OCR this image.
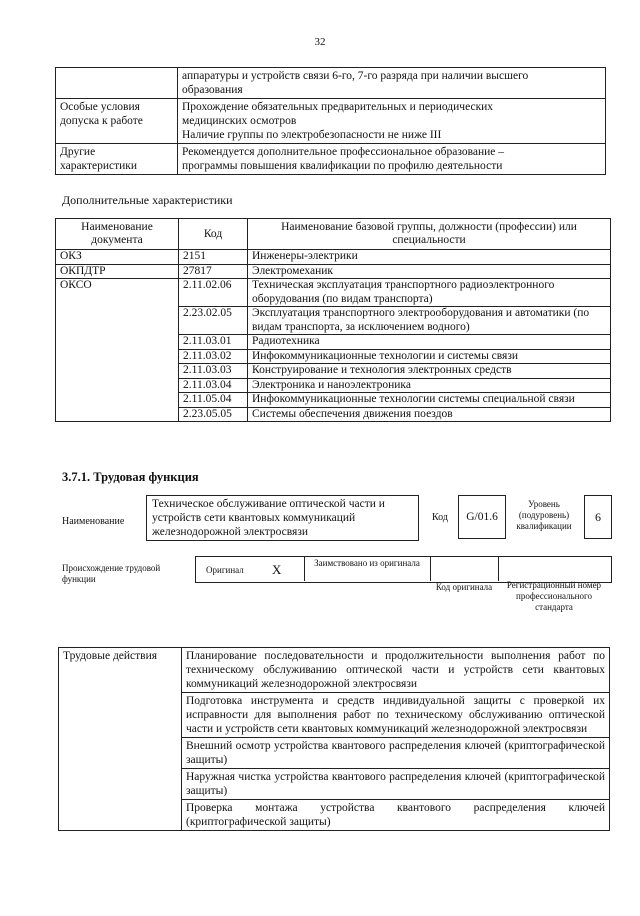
32

	аппаратуры и устройств связи 6-го, 7-го разряда при наличии высшего
образования

Особые условия допуска к работе	Прохождение обязательных предварительных и периодических
медицинских осмотров
Наличие группы по электробезопасности не ниже III

Другие характеристики	Рекомендуется дополнительное профессиональное образование –
программы повышения квалификации по профилю деятельности
Дополнительные характеристики
Наименование документа	Код	Наименование базовой группы, должности (профессии) или специальности
ОКЗ	2151	Инженеры-электрики
ОКПДТР	27817	Электромеханик
ОКСО	2.11.02.06	Техническая эксплуатация транспортного радиоэлектронного оборудования (по видам транспорта)
	2.23.02.05	Эксплуатация транспортного электрооборудования и автоматики (по видам транспорта, за исключением водного)
	2.11.03.01	Радиотехника
	2.11.03.02	Инфокоммуникационные технологии и системы связи
	2.11.03.03	Конструирование и технология электронных средств
	2.11.03.04	Электроника и наноэлектроника
	2.11.05.04	Инфокоммуникационные технологии системы специальной связи
	2.23.05.05	Системы обеспечения движения поездов
3.7.1. Трудовая функция
Наименование
Техническое обслуживание оптической части и
устройств сети квантовых коммуникаций
железнодорожной электросвязи
Код	G/01.6
Уровень (подуровень) квалификации
6
Происхождение трудовой функции
Оригинал X	Заимствовано из оригинала
Код оригинала	Регистрационный номер профессионального стандарта
Трудовые действия	Планирование последовательности и продолжительности выполнения работ по техническому обслуживанию оптической части и устройств сети квантовых коммуникаций железнодорожной электросвязи
Подготовка инструмента и средств индивидуальной защиты с проверкой их исправности для выполнения работ по техническому обслуживанию оптической части и устройств сети квантовых коммуникаций железнодорожной электросвязи
Внешний осмотр устройства квантового распределения ключей (криптографической защиты)
Наружная чистка устройства квантового распределения ключей (криптографической защиты)
Проверка монтажа устройства квантового распределения ключей (криптографической защиты)
